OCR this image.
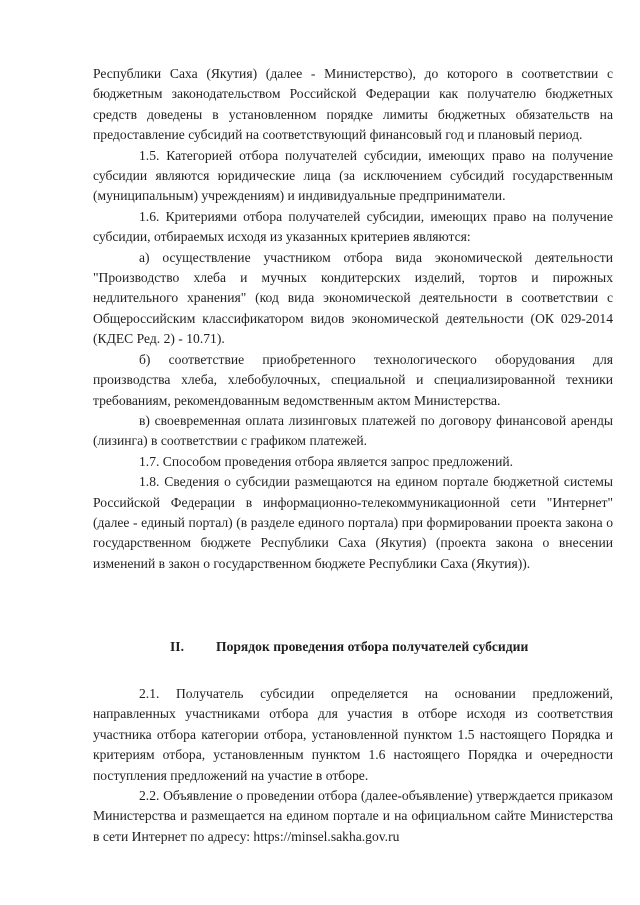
Республики Саха (Якутия) (далее - Министерство), до которого в соответствии с бюджетным законодательством Российской Федерации как получателю бюджетных средств доведены в установленном порядке лимиты бюджетных обязательств на предоставление субсидий на соответствующий финансовый год и плановый период.

1.5. Категорией отбора получателей субсидии, имеющих право на получение субсидии являются юридические лица (за исключением субсидий государственным (муниципальным) учреждениям) и индивидуальные предприниматели.

1.6. Критериями отбора получателей субсидии, имеющих право на получение субсидии, отбираемых исходя из указанных критериев являются:

а) осуществление участником отбора вида экономической деятельности "Производство хлеба и мучных кондитерских изделий, тортов и пирожных недлительного хранения" (код вида экономической деятельности в соответствии с Общероссийским классификатором видов экономической деятельности (ОК 029-2014 (КДЕС Ред. 2) - 10.71).

б) соответствие приобретенного технологического оборудования для производства хлеба, хлебобулочных, специальной и специализированной техники требованиям, рекомендованным ведомственным актом Министерства.

в) своевременная оплата лизинговых платежей по договору финансовой аренды (лизинга) в соответствии с графиком платежей.

1.7. Способом проведения отбора является запрос предложений.

1.8. Сведения о субсидии размещаются на едином портале бюджетной системы Российской Федерации в информационно-телекоммуникационной сети "Интернет" (далее - единый портал) (в разделе единого портала) при формировании проекта закона о государственном бюджете Республики Саха (Якутия) (проекта закона о внесении изменений в закон о государственном бюджете Республики Саха (Якутия)).

II. Порядок проведения отбора получателей субсидии

2.1. Получатель субсидии определяется на основании предложений, направленных участниками отбора для участия в отборе исходя из соответствия участника отбора категории отбора, установленной пунктом 1.5 настоящего Порядка и критериям отбора, установленным пунктом 1.6 настоящего Порядка и очередности поступления предложений на участие в отборе.

2.2. Объявление о проведении отбора (далее-объявление) утверждается приказом Министерства и размещается на едином портале и на официальном сайте Министерства в сети Интернет по адресу: https://minsel.sakha.gov.ru
